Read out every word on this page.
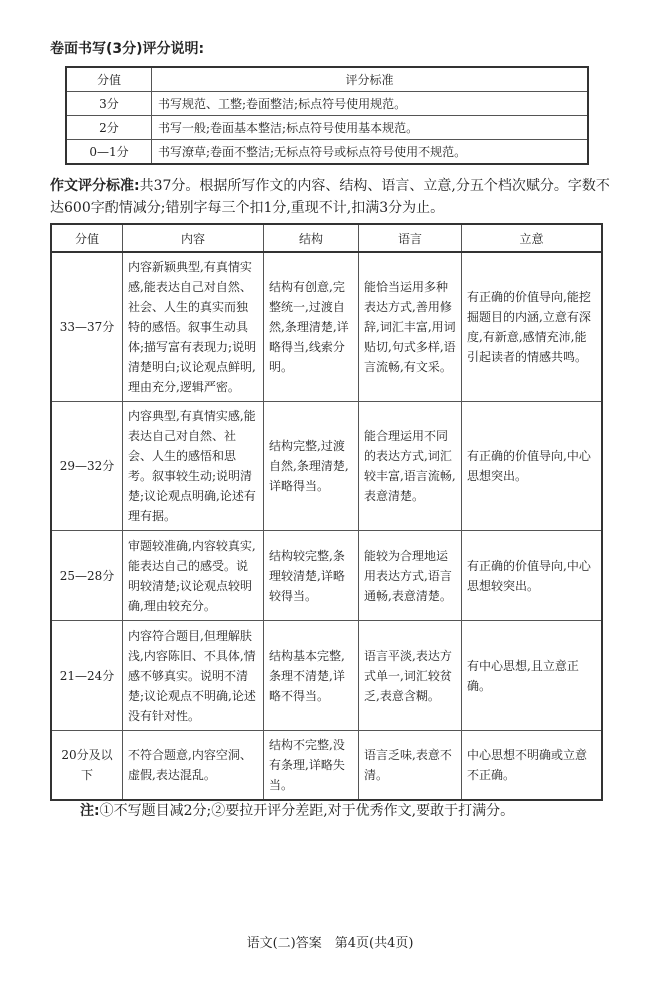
卷面书写(3分)评分说明:
分值	评分标准
3分	书写规范、工整;卷面整洁;标点符号使用规范。
2分	书写一般;卷面基本整洁;标点符号使用基本规范。
0—1分	书写潦草;卷面不整洁;无标点符号或标点符号使用不规范。
作文评分标准:共37分。根据所写作文的内容、结构、语言、立意,分五个档次赋分。字数不达600字酌情减分;错别字每三个扣1分,重现不计,扣满3分为止。
分值	内容	结构	语言	立意
33—37分	内容新颖典型,有真情实感,能表达自己对自然、社会、人生的真实而独特的感悟。叙事生动具体;描写富有表现力;说明清楚明白;议论观点鲜明,理由充分,逻辑严密。	结构有创意,完整统一,过渡自然,条理清楚,详略得当,线索分明。	能恰当运用多种表达方式,善用修辞,词汇丰富,用词贴切,句式多样,语言流畅,有文采。	有正确的价值导向,能挖掘题目的内涵,立意有深度,有新意,感情充沛,能引起读者的情感共鸣。
29—32分	内容典型,有真情实感,能表达自己对自然、社会、人生的感悟和思考。叙事较生动;说明清楚;议论观点明确,论述有理有据。	结构完整,过渡自然,条理清楚,详略得当。	能合理运用不同的表达方式,词汇较丰富,语言流畅,表意清楚。	有正确的价值导向,中心思想突出。
25—28分	审题较准确,内容较真实,能表达自己的感受。说明较清楚;议论观点较明确,理由较充分。	结构较完整,条理较清楚,详略较得当。	能较为合理地运用表达方式,语言通畅,表意清楚。	有正确的价值导向,中心思想较突出。
21—24分	内容符合题目,但理解肤浅,内容陈旧、不具体,情感不够真实。说明不清楚;议论观点不明确,论述没有针对性。	结构基本完整,条理不清楚,详略不得当。	语言平淡,表达方式单一,词汇较贫乏,表意含糊。	有中心思想,且立意正确。
20分及以下	不符合题意,内容空洞、虚假,表达混乱。	结构不完整,没有条理,详略失当。	语言乏味,表意不清。	中心思想不明确或立意不正确。
注:①不写题目减2分;②要拉开评分差距,对于优秀作文,要敢于打满分。
语文(二)答案　第4页(共4页)
